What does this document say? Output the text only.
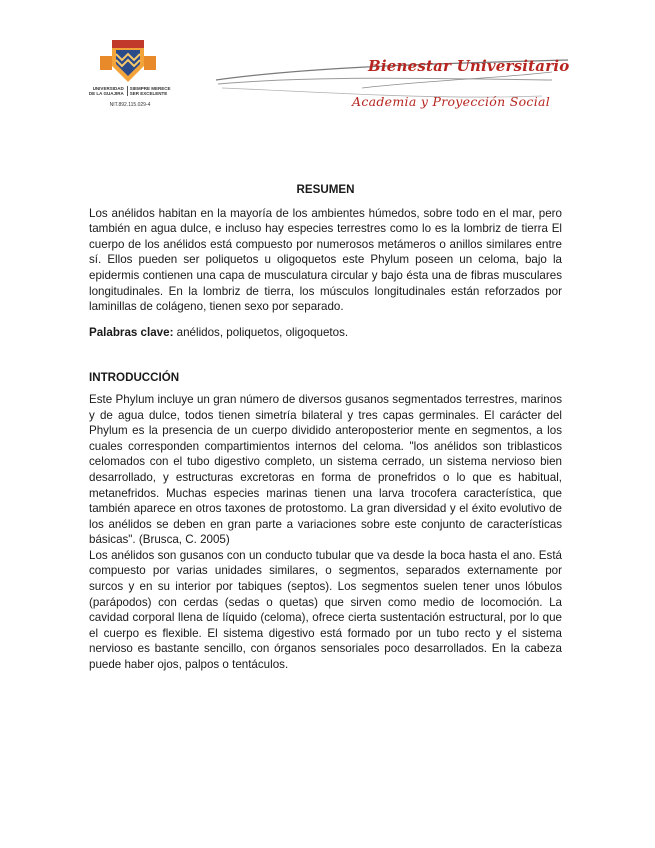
UNIVERSIDAD DE LA GUAJIRA
SIEMPRE MERECE SER EXCELENTE
NIT.892.115.029-4
Bienestar Universitario
Academia y Proyección Social
RESUMEN

Los anélidos habitan en la mayoría de los ambientes húmedos, sobre todo en el mar, pero también en agua dulce, e incluso hay especies terrestres como lo es la lombriz de tierra El cuerpo de los anélidos está compuesto por numerosos metámeros o anillos similares entre sí. Ellos pueden ser poliquetos u oligoquetos este Phylum poseen un celoma, bajo la epidermis contienen una capa de musculatura circular y bajo ésta una de fibras musculares longitudinales. En la lombriz de tierra, los músculos longitudinales están reforzados por laminillas de colágeno, tienen sexo por separado.

Palabras clave: anélidos, poliquetos, oligoquetos.

INTRODUCCIÓN

Este Phylum incluye un gran número de diversos gusanos segmentados terrestres, marinos y de agua dulce, todos tienen simetría bilateral y tres capas germinales. El carácter del Phylum es la presencia de un cuerpo dividido anteroposterior mente en segmentos, a los cuales corresponden compartimientos internos del celoma. "los anélidos son triblasticos celomados con el tubo digestivo completo, un sistema cerrado, un sistema nervioso bien desarrollado, y estructuras excretoras en forma de pronefridos o lo que es habitual, metanefridos. Muchas especies marinas tienen una larva trocofera característica, que también aparece en otros taxones de protostomo. La gran diversidad y el éxito evolutivo de los anélidos se deben en gran parte a variaciones sobre este conjunto de características básicas". (Brusca, C. 2005)

Los anélidos son gusanos con un conducto tubular que va desde la boca hasta el ano. Está compuesto por varias unidades similares, o segmentos, separados externamente por surcos y en su interior por tabiques (septos). Los segmentos suelen tener unos lóbulos (parápodos) con cerdas (sedas o quetas) que sirven como medio de locomoción. La cavidad corporal llena de líquido (celoma), ofrece cierta sustentación estructural, por lo que el cuerpo es flexible. El sistema digestivo está formado por un tubo recto y el sistema nervioso es bastante sencillo, con órganos sensoriales poco desarrollados. En la cabeza puede haber ojos, palpos o tentáculos.
